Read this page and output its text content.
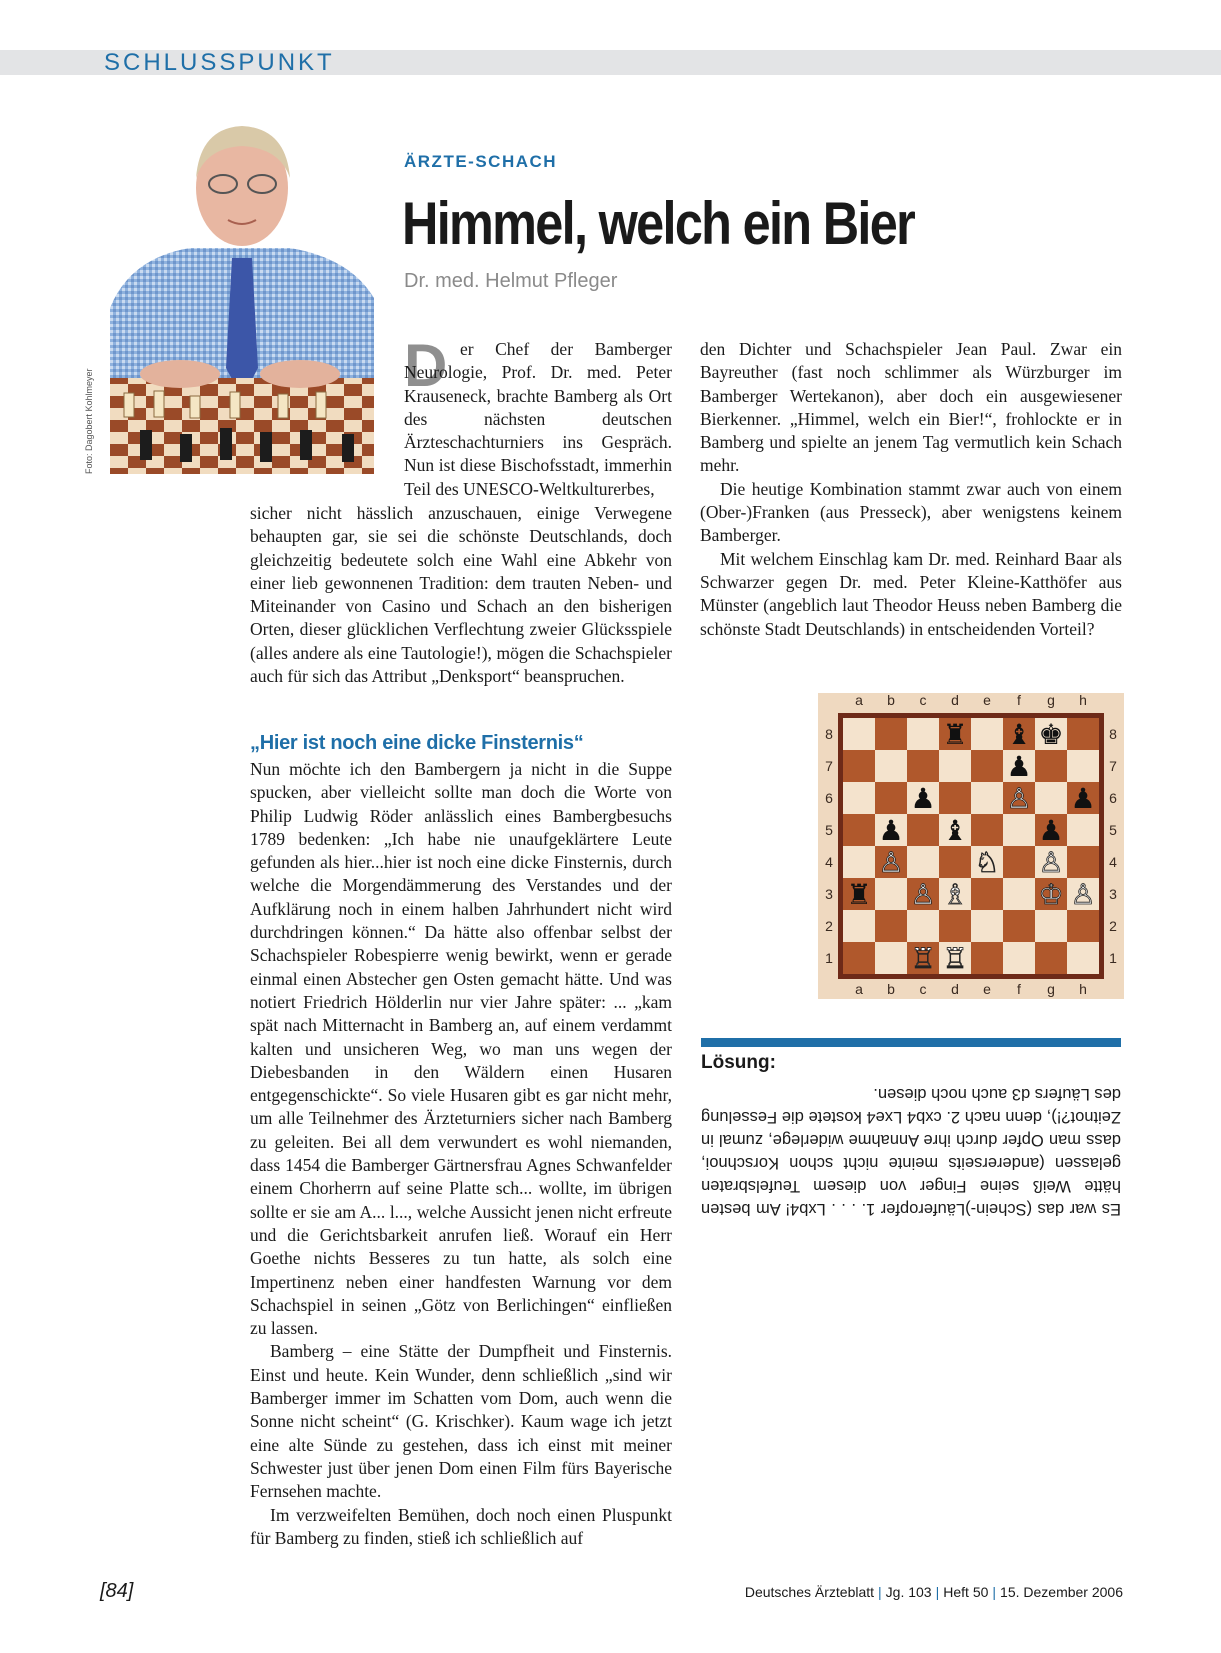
SCHLUSSPUNKT
Foto: Dagobert Kohlmeyer
ÄRZTE-SCHACH
Himmel, welch ein Bier
Dr. med. Helmut Pfleger
D er Chef der Bamberger Neurologie, Prof. Dr. med. Peter Krauseneck, brachte Bamberg als Ort des nächsten deutschen Ärzteschachturniers ins Gespräch. Nun ist diese Bischofsstadt, immerhin Teil des UNESCO-Weltkulturerbes,

sicher nicht hässlich anzuschauen, einige Verwegene behaupten gar, sie sei die schönste Deutschlands, doch gleichzeitig bedeutete solch eine Wahl eine Abkehr von einer lieb gewonnenen Tradition: dem trauten Neben- und Miteinander von Casino und Schach an den bisherigen Orten, dieser glücklichen Verflechtung zweier Glücksspiele (alles andere als eine Tautologie!), mögen die Schachspieler auch für sich das Attribut „Denksport“ beanspruchen.

„Hier ist noch eine dicke Finsternis“

Nun möchte ich den Bambergern ja nicht in die Suppe spucken, aber vielleicht sollte man doch die Worte von Philip Ludwig Röder anlässlich eines Bambergbesuchs 1789 bedenken: „Ich habe nie unaufgeklärtere Leute gefunden als hier...hier ist noch eine dicke Finsternis, durch welche die Morgendämmerung des Verstandes und der Aufklärung noch in einem halben Jahrhundert nicht wird durchdringen können.“ Da hätte also offenbar selbst der Schachspieler Robespierre wenig bewirkt, wenn er gerade einmal einen Abstecher gen Osten gemacht hätte. Und was notiert Friedrich Hölderlin nur vier Jahre später: ... „kam spät nach Mitternacht in Bamberg an, auf einem verdammt kalten und unsicheren Weg, wo man uns wegen der Diebesbanden in den Wäldern einen Husaren entgegenschickte“. So viele Husaren gibt es gar nicht mehr, um alle Teilnehmer des Ärzteturniers sicher nach Bamberg zu geleiten. Bei all dem verwundert es wohl niemanden, dass 1454 die Bamberger Gärtnersfrau Agnes Schwanfelder einem Chorherrn auf seine Platte sch... wollte, im übrigen sollte er sie am A... l..., welche Aussicht jenen nicht erfreute und die Gerichtsbarkeit anrufen ließ. Worauf ein Herr Goethe nichts Besseres zu tun hatte, als solch eine Impertinenz neben einer handfesten Warnung vor dem Schachspiel in seinen „Götz von Berlichingen“ einfließen zu lassen.

Bamberg – eine Stätte der Dumpfheit und Finsternis. Einst und heute. Kein Wunder, denn schließlich „sind wir Bamberger immer im Schatten vom Dom, auch wenn die Sonne nicht scheint“ (G. Krischker). Kaum wage ich jetzt eine alte Sünde zu gestehen, dass ich einst mit meiner Schwester just über jenen Dom einen Film fürs Bayerische Fernsehen machte.

Im verzweifelten Bemühen, doch noch einen Pluspunkt für Bamberg zu finden, stieß ich schließlich auf

den Dichter und Schachspieler Jean Paul. Zwar ein Bayreuther (fast noch schlimmer als Würzburger im Bamberger Wertekanon), aber doch ein ausgewiesener Bierkenner. „Himmel, welch ein Bier!“, frohlockte er in Bamberg und spielte an jenem Tag vermutlich kein Schach mehr.

Die heutige Kombination stammt zwar auch von einem (Ober-)Franken (aus Presseck), aber wenigstens keinem Bamberger.

Mit welchem Einschlag kam Dr. med. Reinhard Baar als Schwarzer gegen Dr. med. Peter Kleine-Katthöfer aus Münster (angeblich laut Theodor Heuss neben Bamberg die schönste Stadt Deutschlands) in entscheidenden Vorteil?

a
a
b
b
c
c
d
d
e
e
f
f
g
g
h
h
8	8
7	7
6	6
5	5
4	4
3	3
2	2
1	1
♜ ♝ ♚
♟
♟	♙ ♟
♟ ♝	♟
♙	♘ ♙
♜ ♙ ♗	♔ ♙
♖ ♖
Lösung:

Es war das (Schein-)Läuferopfer 1. . . . Lxb4! Am besten hätte Weiß seine Finger von diesem Teufelsbraten gelassen (andererseits meinte nicht schon Korschnoi, dass man Opfer durch ihre Annahme widerlege, zumal in Zeitnot?!), denn nach 2. cxb4 Lxe4 kostete die Fesselung des Läufers d3 auch noch diesen.

[84]	Deutsches Ärzteblatt | Jg. 103 | Heft 50 | 15. Dezember 2006
